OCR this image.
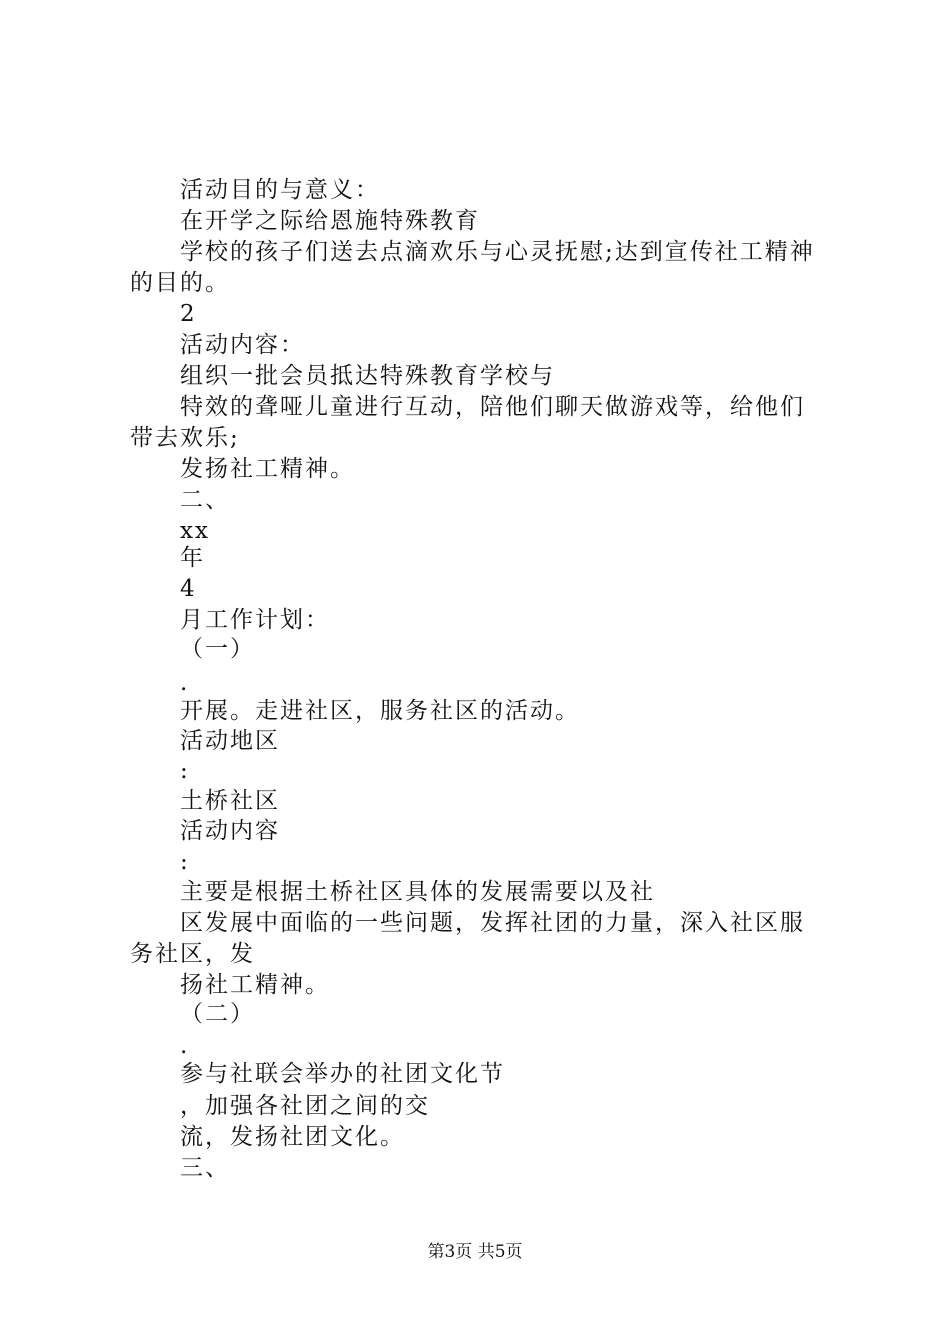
活动目的与意义：

在开学之际给恩施特殊教育

学校的孩子们送去点滴欢乐与心灵抚慰;达到宣传社工精神

的目的。

2

活动内容：

组织一批会员抵达特殊教育学校与

特效的聋哑儿童进行互动，陪他们聊天做游戏等，给他们

带去欢乐;

发扬社工精神。

二、

xx

年

4

月工作计划：

（一）

.

开展。走进社区，服务社区的活动。

活动地区

:

土桥社区

活动内容

:

主要是根据土桥社区具体的发展需要以及社

区发展中面临的一些问题，发挥社团的力量，深入社区服

务社区，发

扬社工精神。

（二）

.

参与社联会举办的社团文化节

，加强各社团之间的交

流，发扬社团文化。

三、

第3页 共5页
